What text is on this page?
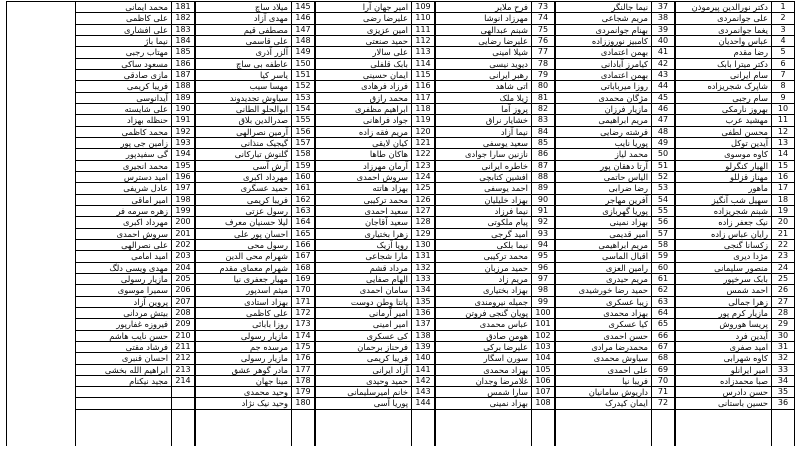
1
2
3
4
5
6
7
8
9
10
11
12
13
14
15
16
17
18
19
20
21
22
23
24
25
26
27
28
29
30
31
32
33
34
35
36
دکتر نورالدین پیرموذن
علی جوانمردی
یغما جوانمردی
عباس واحدیان
رضا مقدم
دکتر میترا بابک
سام ایرانی
شاپرک شجریزاده
سام رجبی
بهروز نارمکی
مهشید عرب
محسن لطفی
آیدین توکل
کاوه موسوی
الهیار کنگرلو
مهناز قزللو
ماهور
سهیل شب آنگیز
شبنم شجریزاده
نیک جعفر زاده
رایان عباس زاده
زکسانا گنجی
مژدا دیری
منصور سلیمانی
بابک سرخپور
احمد شمس
زهرا جمالی
مازیار کرم پور
پریسا هوروش
آیدین فرد
امید صفری
کاوه شهرابی
امیر ایرانلو
صبا محمدزاده
حسن دادرس
حسین باستانی
37
38
39
40
41
42
43
44
45
46
47
48
49
50
51
52
53
54
55
56
57
58
59
60
61
62
63
64
65
66
67
68
69
70
71
72
نیما جالنگر
مریم شجاعی
بهنام جوانمردی
کامبیز نوروززاده
بهمن اعتمادی
کیامرز آبادانی
بهمن اعتمادی
روزا میرباباتی
مژگان محمدی
مازیار فرزان
مریم ابراهیمی
فرشته رضایی
پوریا نایب
محمد لیاز
آرتا دهقان پور
الیاس حاتمی
رضا ضرابی
آفرین مهاجر
پوریا گهربازی
بهزاد نمینی
امیر قدیمی
مریم ابراهیمی
اقبال الماسی
رامین العزی
مریم حیدری
حمید رضا خورشیدی
زیبا عسکری
بهزاد محمدی
کیا عسکری
حسن احمدی
محمدرضا مرادی
سیاوش محمدی
علی احمدی
فریبا نیا
داریوش سامانیان
ایمان کیدرک
73
74
75
76
77
78
79
80
81
82
83
84
85
86
87
88
89
90
91
92
93
94
95
96
97
98
99
100
101
102
103
104
105
106
107
108
فرح ملایر
مهرزاد انوشا
شبنم عبدالهی
علیرضا رضایی
شیلا امینی
دیوید نیسی
رهبر ایرانی
اتی شاهد
ژیلا ملک
پروز آما
خشایار نراق
نیما آزاد
سعید یوسفی
نازنین سارا جوادی
خاطره ایرانی
افشین کتابچی
احمد یوسفی
بهزاد خلیلیان
نیما فرزاد
پیام ملکوتی
امید گرجی
نیما بلکی
محمد ترکیبی
حمید مرزبان
مریم زاد
بهزاد بختیاری
جمیله نیرومندی
پویان گنجی فروتن
عباس محمدی
هومن صادق
علیرضا برکی
سورن اسگار
بهزاد محمدی
غلامرضا وجدان
سارا شمس
بهزاد نمینی
109
110
111
112
113
114
115
116
117
118
119
120
121
122
123
124
125
126
127
128
129
130
131
132
133
134
135
136
137
138
139
140
141
142
143
144
امیر جهان آرا
علیرضا رضی
امین عزیزی
حمید صنعتی
علی سالار
بابک قلفلی
ایمان حسینی
فرزاد فرهادی
محمد رازق
ابراهیم مظفری
جواد فراهانی
مریم فقه زاده
کیان لایقی
هاکان طاها
آرمان مهرزاد
سروش احمدی
بهزاد هاتته
محمد ترکیبی
سعید احمدی
سعید آقاجان
زهرا بختیاری
رویا آزیک
مارا شجاعی
مرداد قشم
الهام صفایی
سامان احمدی
پانتا وطن دوست
امیر آرمانی
امیر امینی
کی عسکری
فرحناز برحمان
فریبا کریمی
آزاد ایرانی
حمید وحیدی
خانم امیرسلیمانی
پوریا آسی
145
146
147
148
149
150
151
152
153
154
155
156
157
158
159
160
161
162
163
164
165
166
167
168
169
170
171
172
173
174
175
176
177
178
179
180
میلاد ساچ
مهدی آزاد
مصطفی قیم
علی قاسمی
آلزر آذری
عاطفه بی ساچ
یاسر کیا
مهسا سیب
سیاوش تجدیدوند
ابوالحلو الطانی
صدرالدین بلاق
آرمین نصرالهی
گیجیک منذانی
گلنوش تبارکانی
آرش آسی
مهرداد اکبری
حمید عسگری
فریبا کریمی
رسول عزتی
لیلا حسنیان معرف
احسان پور علی
رسول محی
شهرام محی الدین
شهرام معمای مقدم
مهیار جعفری نیا
میثم اسدپور
بهزاد استادی
علی کاظمی
روزا بابائی
مازیار رسولی
مرسده جم
مازیار رسولی
مادر گوهر عشق
مینا جهان
وحید محمدی
وحید نیک نژاد
181
182
183
184
185
186
187
188
189
190
191
192
193
194
195
196
197
198
199
200
201
202
203
204
205
206
207
208
209
210
211
212
213
214
محمد ایمانی
علی کاظمی
علی افشاری
نیما باژ
مهتاب رجبی
مسعود ساکی
مازی صادقی
فریبا کریمی
آیدانوسی
علی شایسته
حنظله بهزاد
محمد کاظمی
زامین جی پور
گی سفیدپور
محمد انجیری
امید دسترس
عادل شریفی
امیر اماقی
زهره سرمه فر
مهرداد اکبری
سروش احمدی
علی نصرالهی
امید امامی
مهدی ویسی دلگ
مازیار رسولی
سمیرا موسوی
پروین آزاد
بیتش مردانی
فیروزه غفارپور
حسن نایب هاشم
فرشاد مقتی
احسان قنبری
ابراهیم الله بخشی
مجید نیکنام
